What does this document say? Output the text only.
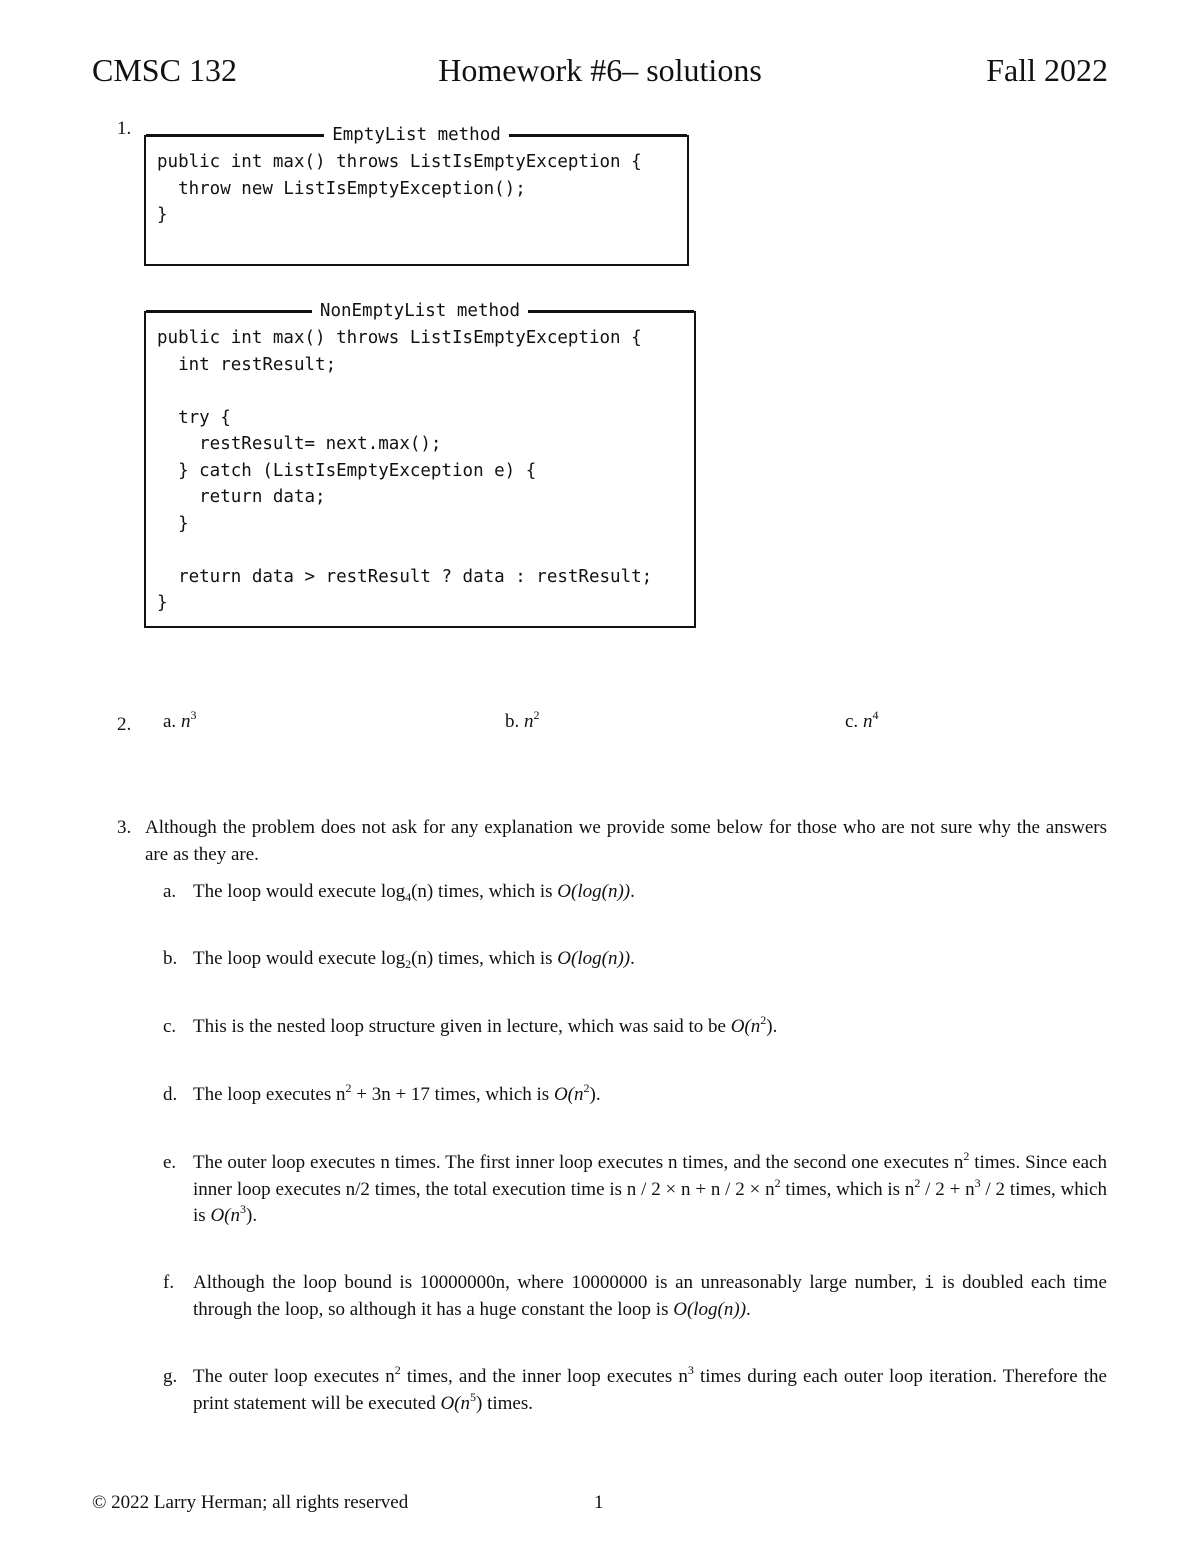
CMSC 132	Homework #6– solutions	Fall 2022
1.	EmptyList method
public int max() throws ListIsEmptyException {
throw new ListIsEmptyException();
}
NonEmptyList method
public int max() throws ListIsEmptyException {
int restResult;

try {
restResult= next.max();
} catch (ListIsEmptyException e) {
return data;
}

return data > restResult ? data : restResult;
}
2. a. $n^3$	b. $n^2$	c. $n^4$
3. Although the problem does not ask for any explanation we provide some below for those who are not sure why the answers are as they are.
a. The loop would execute $\log_4(n)$ times, which is O(log(n)).
b. The loop would execute $\log_2(n)$ times, which is O(log(n)).
c. This is the nested loop structure given in lecture, which was said to be $O(n^2)$.
d. The loop executes $n^2 + 3n + 17$ times, which is $O(n^2)$.
e. The outer loop executes n times. The first inner loop executes n times, and the second one executes $n^2$ times. Since each inner loop executes n/2 times, the total execution time is $n / 2 \times n + n / 2 \times n^2$ times, which is $n^2 / 2 + n^3 / 2$ times, which is $O(n^3)$.
f. Although the loop bound is 10000000n, where 10000000 is an unreasonably large number, i is doubled each time through the loop, so although it has a huge constant the loop is O(log(n)).
g. The outer loop executes $n^2$ times, and the inner loop executes $n^3$ times during each outer loop iteration. Therefore the print statement will be executed $O(n^5)$ times.
© 2022 Larry Herman; all rights reserved	1
